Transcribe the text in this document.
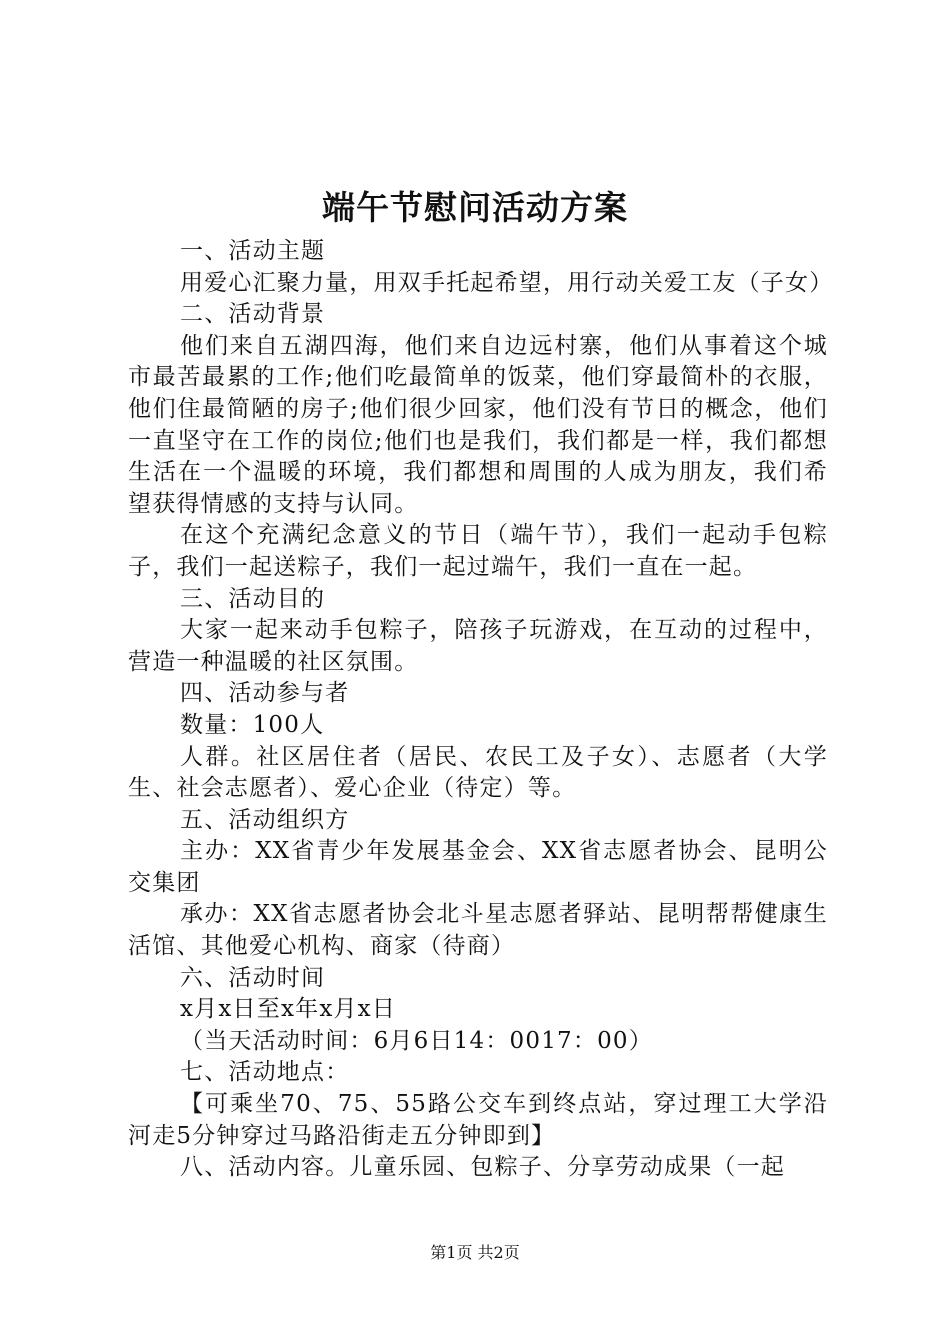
端午节慰问活动方案

一、活动主题

用爱心汇聚力量，用双手托起希望，用行动关爱工友（子女）

二、活动背景

他们来自五湖四海，他们来自边远村寨，他们从事着这个城市最苦最累的工作;他们吃最简单的饭菜，他们穿最简朴的衣服，他们住最简陋的房子;他们很少回家，他们没有节日的概念，他们一直坚守在工作的岗位;他们也是我们，我们都是一样，我们都想生活在一个温暖的环境，我们都想和周围的人成为朋友，我们希望获得情感的支持与认同。

在这个充满纪念意义的节日（端午节），我们一起动手包粽子，我们一起送粽子，我们一起过端午，我们一直在一起。

三、活动目的

大家一起来动手包粽子，陪孩子玩游戏，在互动的过程中，营造一种温暖的社区氛围。

四、活动参与者

数量：100人

人群。社区居住者（居民、农民工及子女）、志愿者（大学生、社会志愿者）、爱心企业（待定）等。

五、活动组织方

主办：XX省青少年发展基金会、XX省志愿者协会、昆明公交集团

承办：XX省志愿者协会北斗星志愿者驿站、昆明帮帮健康生活馆、其他爱心机构、商家（待商）

六、活动时间

x月x日至x年x月x日

（当天活动时间：6月6日14：0017：00）

七、活动地点：

【可乘坐70、75、55路公交车到终点站，穿过理工大学沿河走5分钟穿过马路沿街走五分钟即到】

八、活动内容。儿童乐园、包粽子、分享劳动成果（一起

第1页 共2页
